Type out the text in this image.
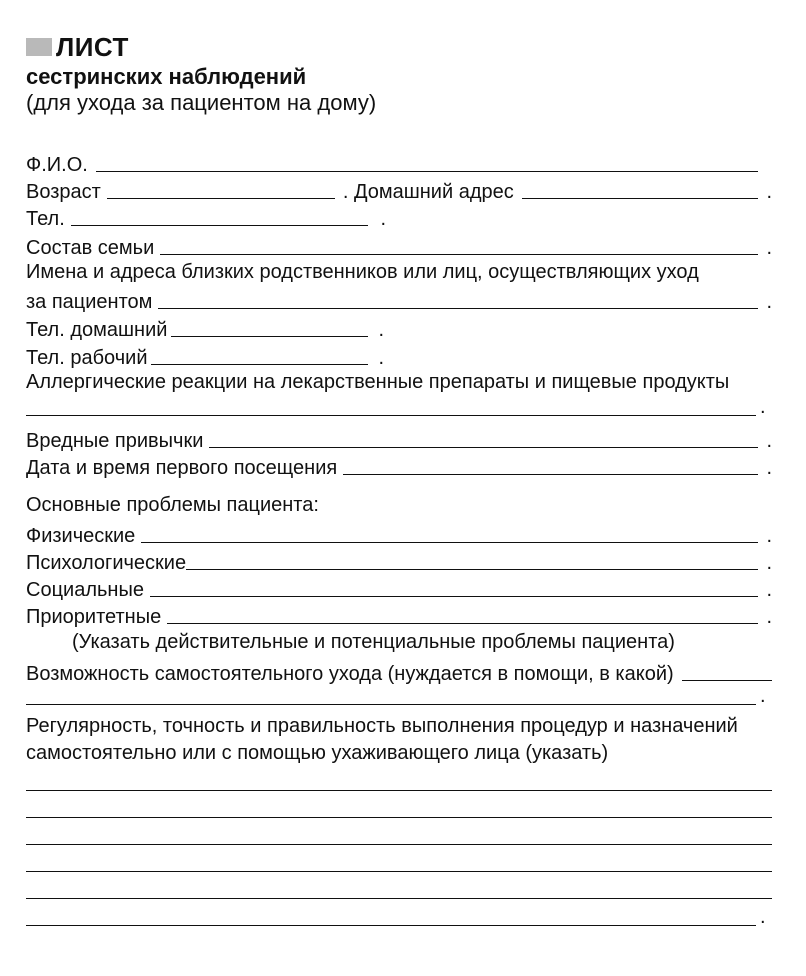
ЛИСТ
сестринских наблюдений
(для ухода за пациентом на дому)
Ф.И.О.
Возраст	. Домашний адрес	.
Тел.	.
Состав семьи	.
Имена и адреса близких родственников или лиц, осуществляющих уход
за пациентом	.
Тел. домашний	.
Тел. рабочий	.
Аллергические реакции на лекарственные препараты и пищевые продукты
.
Вредные привычки	.
Дата и время первого посещения	.
Основные проблемы пациента:
Физические	.
Психологические	.
Социальные	.
Приоритетные	.
(Указать действительные и потенциальные проблемы пациента)
Возможность самостоятельного ухода (нуждается в помощи, в какой)
.
Регулярность, точность и правильность выполнения процедур и назначений
самостоятельно или с помощью ухаживающего лица (указать)
.
